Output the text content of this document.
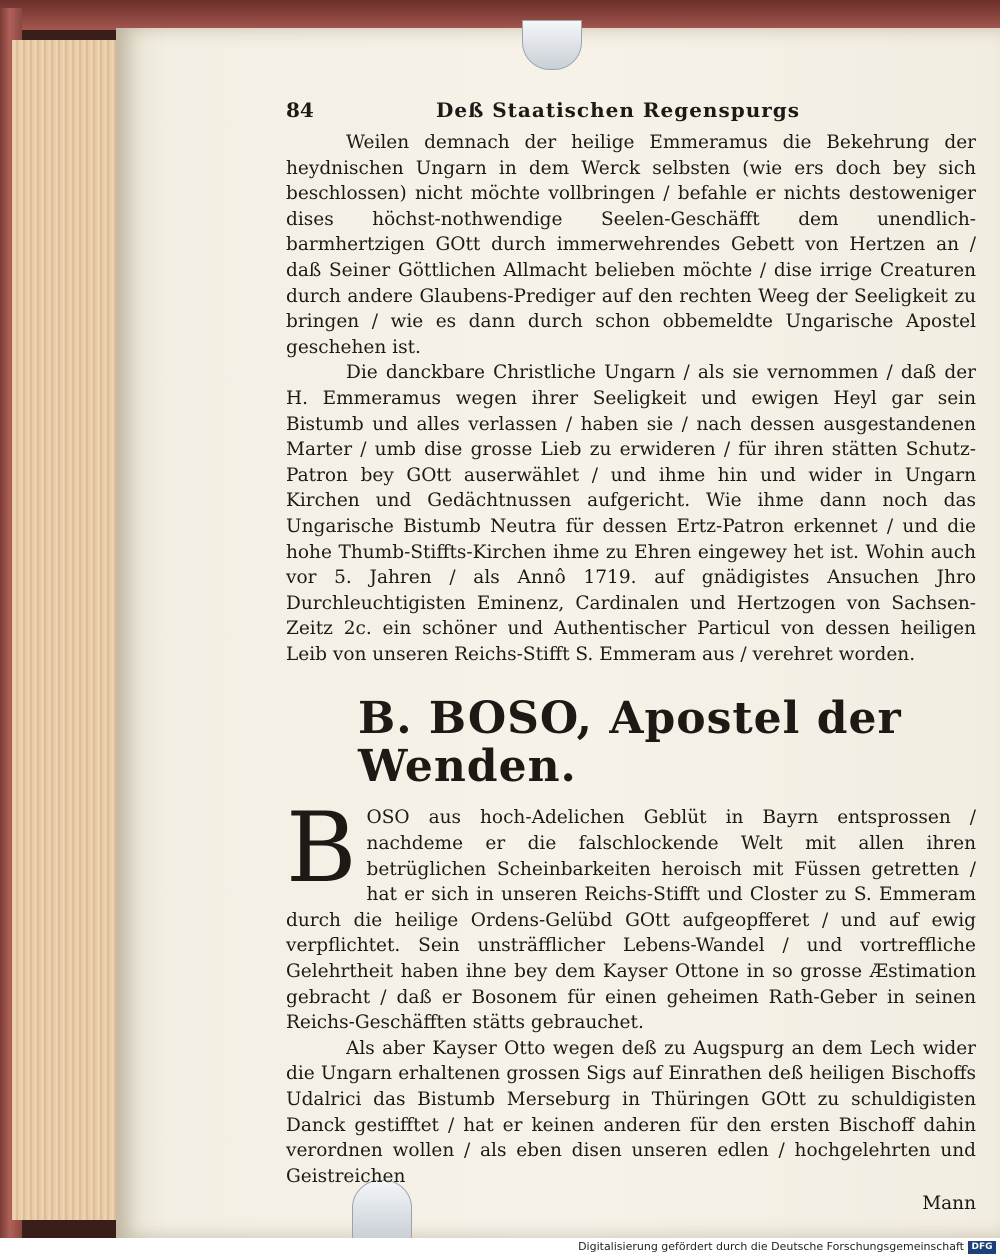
84	Deß Staatischen Regenspurgs

Weilen demnach der heilige Emmeramus die Bekehrung der heydnischen Ungarn in dem Werck selbsten (wie ers doch bey sich beschlossen) nicht möchte vollbringen / befahle er nichts destoweniger dises höchst-nothwendige Seelen-Geschäfft dem unendlich-barmhertzigen GOtt durch immerwehrendes Gebett von Hertzen an / daß Seiner Göttlichen Allmacht belieben möchte / dise irrige Creaturen durch andere Glaubens-Prediger auf den rechten Weeg der Seeligkeit zu bringen / wie es dann durch schon obbemeldte Ungarische Apostel geschehen ist.

Die danckbare Christliche Ungarn / als sie vernommen / daß der H. Emmeramus wegen ihrer Seeligkeit und ewigen Heyl gar sein Bistumb und alles verlassen / haben sie / nach dessen ausgestandenen Marter / umb dise grosse Lieb zu erwideren / für ihren stätten Schutz-Patron bey GOtt auserwählet / und ihme hin und wider in Ungarn Kirchen und Gedächtnussen aufgericht. Wie ihme dann noch das Ungarische Bistumb Neutra für dessen Ertz-Patron erkennet / und die hohe Thumb-Stiffts-Kirchen ihme zu Ehren eingewey het ist. Wohin auch vor 5. Jahren / als Annô 1719. auf gnädigistes Ansuchen Jhro Durchleuchtigisten Eminenz, Cardinalen und Hertzogen von Sachsen-Zeitz 2c. ein schöner und Authentischer Particul von dessen heiligen Leib von unseren Reichs-Stifft S. Emmeram aus / verehret worden.

B. BOSO, Apostel der Wenden.
B OSO aus hoch-Adelichen Geblüt in Bayrn entsprossen / nachdeme er die falschlockende Welt mit allen ihren betrüglichen Scheinbarkeiten heroisch mit Füssen getretten / hat er sich in unseren Reichs-Stifft und Closter zu S. Emmeram durch die heilige Ordens-Gelübd GOtt aufgeopfferet / und auf ewig verpflichtet. Sein unsträfflicher Lebens-Wandel / und vortreffliche Gelehrtheit haben ihne bey dem Kayser Ottone in so grosse Æstimation gebracht / daß er Bosonem für einen geheimen Rath-Geber in seinen Reichs-Geschäfften stätts gebrauchet.

Als aber Kayser Otto wegen deß zu Augspurg an dem Lech wider die Ungarn erhaltenen grossen Sigs auf Einrathen deß heiligen Bischoffs Udalrici das Bistumb Merseburg in Thüringen GOtt zu schuldigisten Danck gestifftet / hat er keinen anderen für den ersten Bischoff dahin verordnen wollen / als eben disen unseren edlen / hochgelehrten und Geistreichen

Mann
Digitalisierung gefördert durch die Deutsche Forschungsgemeinschaft DFG
